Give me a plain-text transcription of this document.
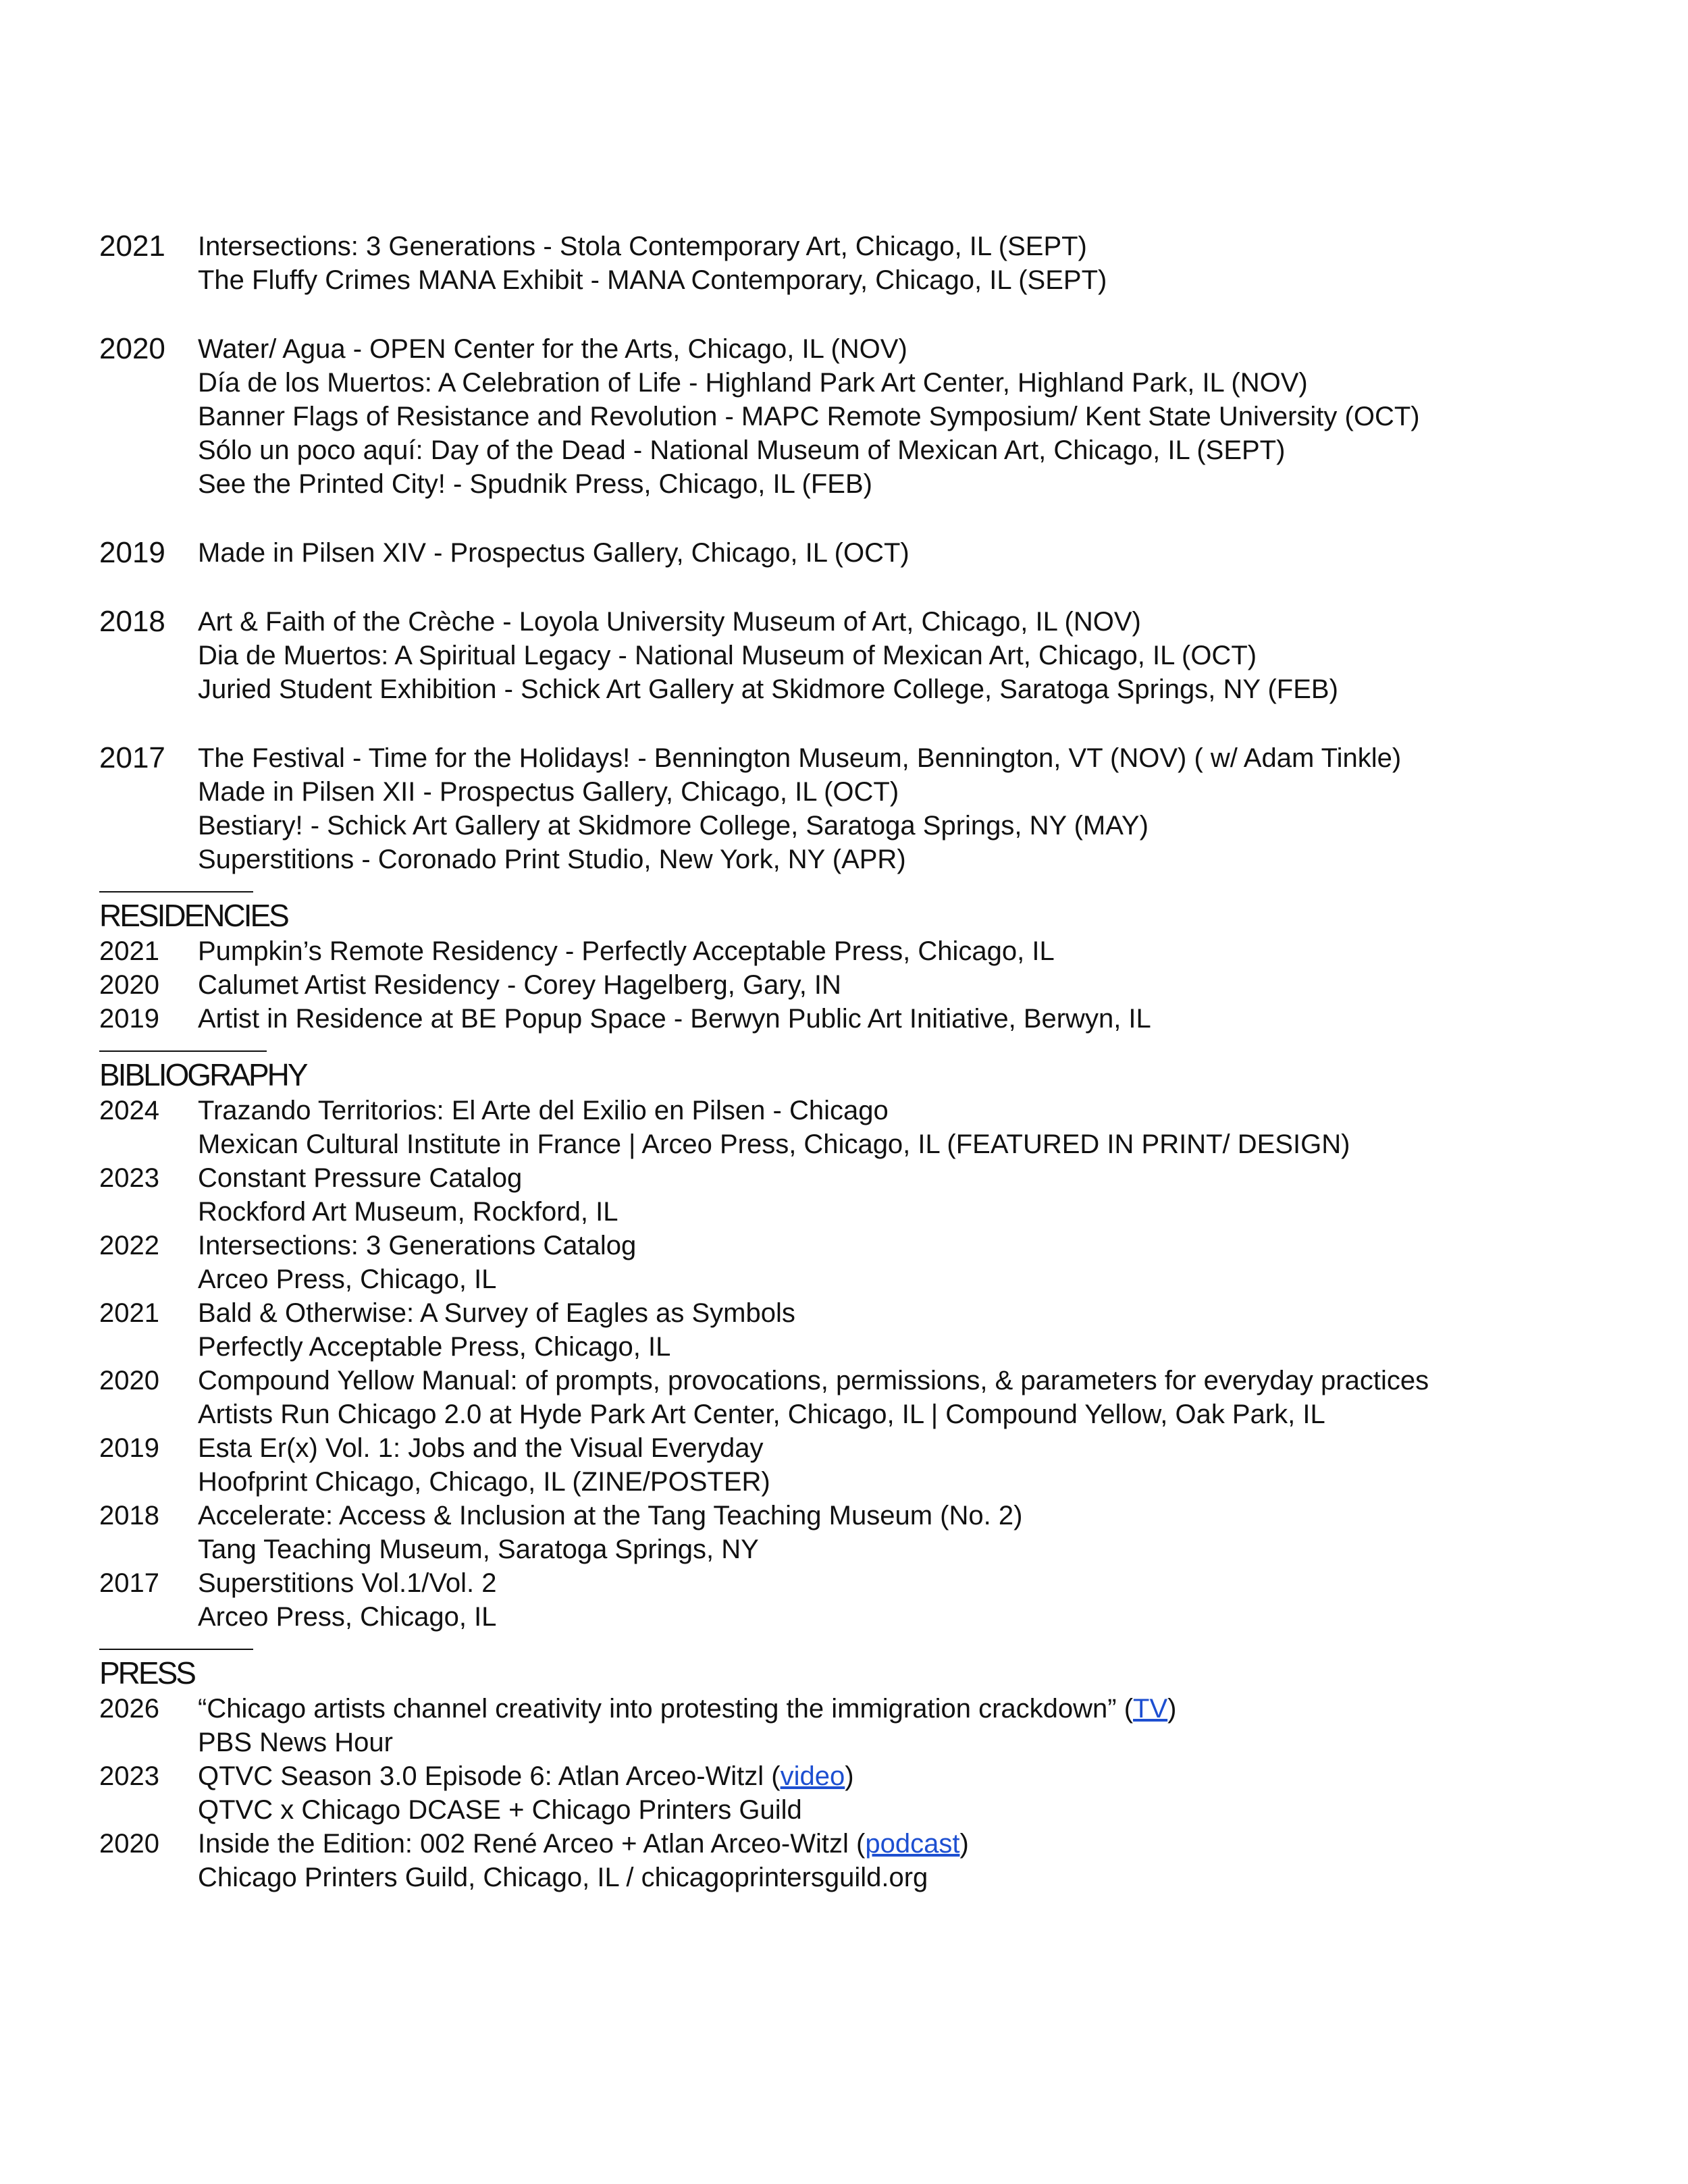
2021 Intersections: 3 Generations - Stola Contemporary Art, Chicago, IL (SEPT)
The Fluffy Crimes MANA Exhibit - MANA Contemporary, Chicago, IL (SEPT)
2020 Water/ Agua - OPEN Center for the Arts, Chicago, IL (NOV)
Día de los Muertos: A Celebration of Life - Highland Park Art Center, Highland Park, IL (NOV)
Banner Flags of Resistance and Revolution - MAPC Remote Symposium/ Kent State University (OCT)
Sólo un poco aquí: Day of the Dead - National Museum of Mexican Art, Chicago, IL (SEPT)
See the Printed City! - Spudnik Press, Chicago, IL (FEB)
2019 Made in Pilsen XIV - Prospectus Gallery, Chicago, IL (OCT)
2018 Art & Faith of the Crèche - Loyola University Museum of Art, Chicago, IL (NOV)
Dia de Muertos: A Spiritual Legacy - National Museum of Mexican Art, Chicago, IL (OCT)
Juried Student Exhibition - Schick Art Gallery at Skidmore College, Saratoga Springs, NY (FEB)
2017 The Festival - Time for the Holidays! - Bennington Museum, Bennington, VT (NOV) ( w/ Adam Tinkle)
Made in Pilsen XII - Prospectus Gallery, Chicago, IL (OCT)
Bestiary! - Schick Art Gallery at Skidmore College, Saratoga Springs, NY (MAY)
Superstitions - Coronado Print Studio, New York, NY (APR)
RESIDENCIES
2021 Pumpkin’s Remote Residency - Perfectly Acceptable Press, Chicago, IL
2020 Calumet Artist Residency - Corey Hagelberg, Gary, IN
2019 Artist in Residence at BE Popup Space - Berwyn Public Art Initiative, Berwyn, IL
BIBLIOGRAPHY
2024 Trazando Territorios: El Arte del Exilio en Pilsen - Chicago
Mexican Cultural Institute in France | Arceo Press, Chicago, IL (FEATURED IN PRINT/ DESIGN)
2023 Constant Pressure Catalog
Rockford Art Museum, Rockford, IL
2022 Intersections: 3 Generations Catalog
Arceo Press, Chicago, IL
2021 Bald & Otherwise: A Survey of Eagles as Symbols
Perfectly Acceptable Press, Chicago, IL
2020 Compound Yellow Manual: of prompts, provocations, permissions, & parameters for everyday practices
Artists Run Chicago 2.0 at Hyde Park Art Center, Chicago, IL | Compound Yellow, Oak Park, IL
2019 Esta Er(x) Vol. 1: Jobs and the Visual Everyday
Hoofprint Chicago, Chicago, IL (ZINE/POSTER)
2018 Accelerate: Access & Inclusion at the Tang Teaching Museum (No. 2)
Tang Teaching Museum, Saratoga Springs, NY
2017 Superstitions Vol.1/Vol. 2
Arceo Press, Chicago, IL
PRESS
2026 “Chicago artists channel creativity into protesting the immigration crackdown” (TV)
PBS News Hour
2023 QTVC Season 3.0 Episode 6: Atlan Arceo-Witzl (video)
QTVC x Chicago DCASE + Chicago Printers Guild
2020 Inside the Edition: 002 René Arceo + Atlan Arceo-Witzl (podcast)
Chicago Printers Guild, Chicago, IL / chicagoprintersguild.org
